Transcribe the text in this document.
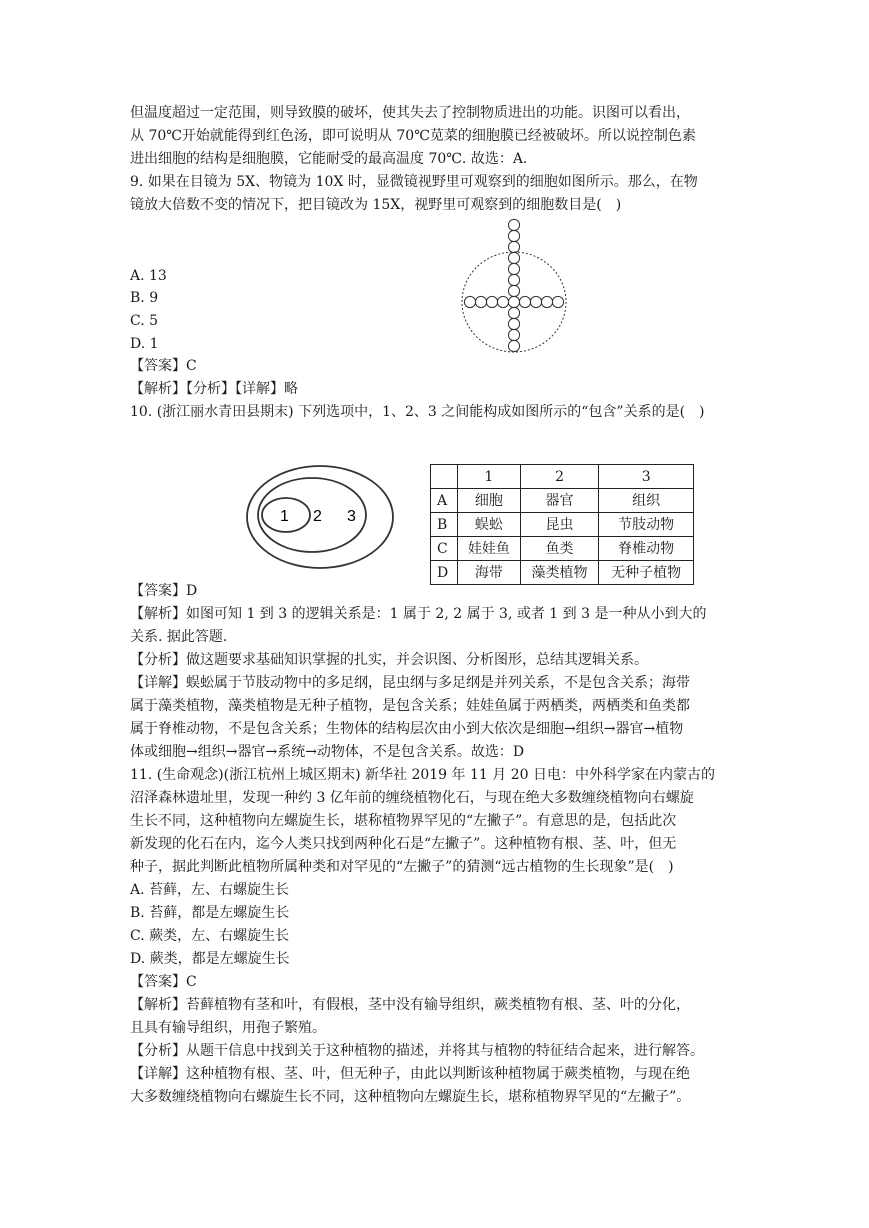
但温度超过一定范围，则导致膜的破坏，使其失去了控制物质进出的功能。识图可以看出，
从 70℃开始就能得到红色汤，即可说明从 70℃苋菜的细胞膜已经被破坏。所以说控制色素
进出细胞的结构是细胞膜，它能耐受的最高温度 70℃. 故选：A.
9. 如果在目镜为 5X、物镜为 10X 时，显微镜视野里可观察到的细胞如图所示。那么，在物
镜放大倍数不变的情况下，把目镜改为 15X，视野里可观察到的细胞数目是(　)
A. 13
B. 9
C. 5
D. 1
【答案】C
【解析】【分析】【详解】略
10. (浙江丽水青田县期末) 下列选项中，1、2、3 之间能构成如图所示的“包含”关系的是(　)
【答案】D
【解析】如图可知 1 到 3 的逻辑关系是：1 属于 2, 2 属于 3, 或者 1 到 3 是一种从小到大的
关系. 据此答题.
【分析】做这题要求基础知识掌握的扎实，并会识图、分析图形，总结其逻辑关系。
【详解】蜈蚣属于节肢动物中的多足纲，昆虫纲与多足纲是并列关系，不是包含关系；海带
属于藻类植物，藻类植物是无种子植物，是包含关系；娃娃鱼属于两栖类，两栖类和鱼类都
属于脊椎动物，不是包含关系；生物体的结构层次由小到大依次是细胞→组织→器官→植物
体或细胞→组织→器官→系统→动物体，不是包含关系。故选：D
11. (生命观念)(浙江杭州上城区期末) 新华社 2019 年 11 月 20 日电：中外科学家在内蒙古的
沼泽森林遗址里，发现一种约 3 亿年前的缠绕植物化石，与现在绝大多数缠绕植物向右螺旋
生长不同，这种植物向左螺旋生长，堪称植物界罕见的“左撇子”。有意思的是，包括此次
新发现的化石在内，迄今人类只找到两种化石是“左撇子”。这种植物有根、茎、叶，但无
种子，据此判断此植物所属种类和对罕见的“左撇子”的猜测“远古植物的生长现象”是(　)
A. 苔藓，左、右螺旋生长
B. 苔藓，都是左螺旋生长
C. 蕨类，左、右螺旋生长
D. 蕨类，都是左螺旋生长
【答案】C
【解析】苔藓植物有茎和叶，有假根，茎中没有输导组织，蕨类植物有根、茎、叶的分化，
且具有输导组织，用孢子繁殖。
【分析】从题干信息中找到关于这种植物的描述，并将其与植物的特征结合起来，进行解答。
【详解】这种植物有根、茎、叶，但无种子，由此以判断该种植物属于蕨类植物，与现在绝
大多数缠绕植物向右螺旋生长不同，这种植物向左螺旋生长，堪称植物界罕见的“左撇子”。
1 2 3
	1	2	3
A	细胞	器官	组织
B	蜈蚣	昆虫	节肢动物
C	娃娃鱼	鱼类	脊椎动物
D	海带	藻类植物	无种子植物
